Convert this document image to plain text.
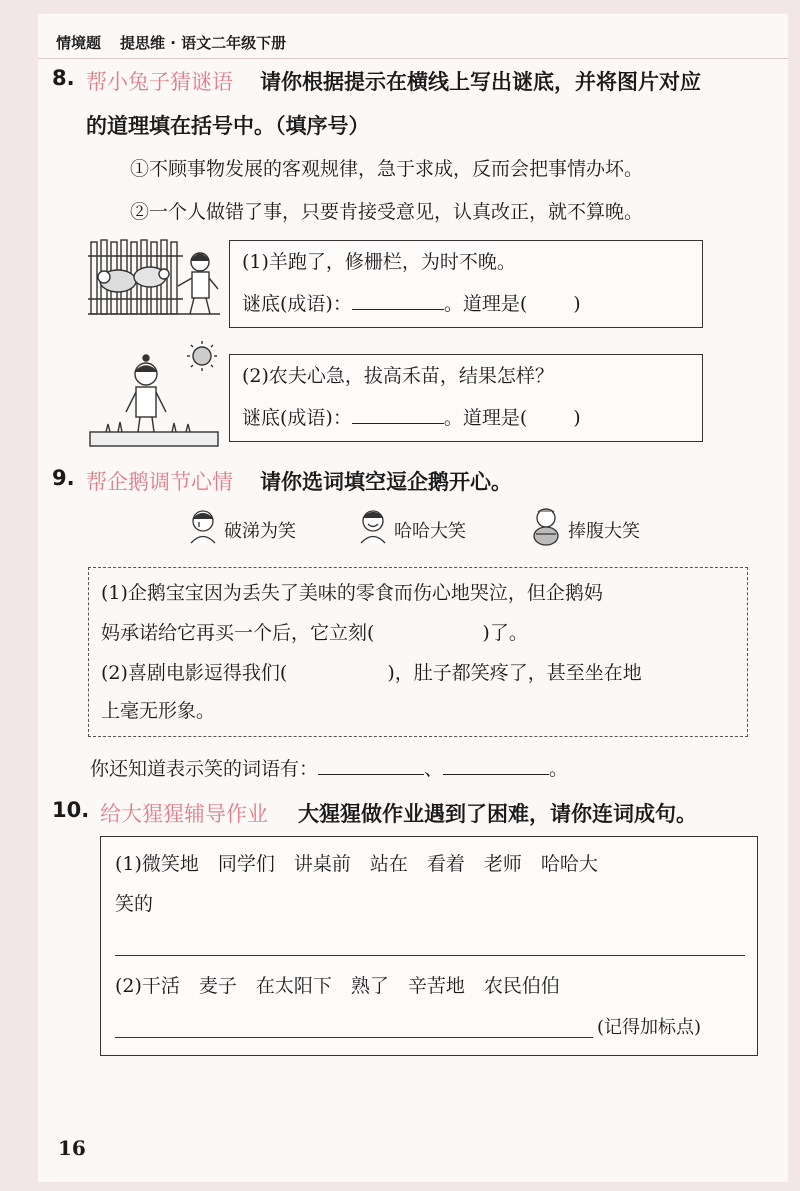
情境题 提思维 · 语文二年级下册
8. 帮小兔子猜谜语 请你根据提示在横线上写出谜底，并将图片对应
的道理填在括号中。（填序号）
①不顾事物发展的客观规律，急于求成，反而会把事情办坏。
②一个人做错了事，只要肯接受意见，认真改正，就不算晚。
(1)羊跑了，修栅栏，为时不晚。
谜底(成语)：	。道理是( )
(2)农夫心急，拔高禾苗，结果怎样？
谜底(成语)：	。道理是( )
9. 帮企鹅调节心情 请你选词填空逗企鹅开心。
破涕为笑	哈哈大笑	捧腹大笑
(1)企鹅宝宝因为丢失了美味的零食而伤心地哭泣，但企鹅妈
妈承诺给它再买一个后，它立刻(	)了。
(2)喜剧电影逗得我们(	)，肚子都笑疼了，甚至坐在地
上毫无形象。
你还知道表示笑的词语有：	、	。
10. 给大猩猩辅导作业 大猩猩做作业遇到了困难，请你连词成句。
(1)微笑地　同学们　讲桌前　站在　看着　老师　哈哈大
笑的
(2)干活　麦子　在太阳下　熟了　辛苦地　农民伯伯
(记得加标点)
16
